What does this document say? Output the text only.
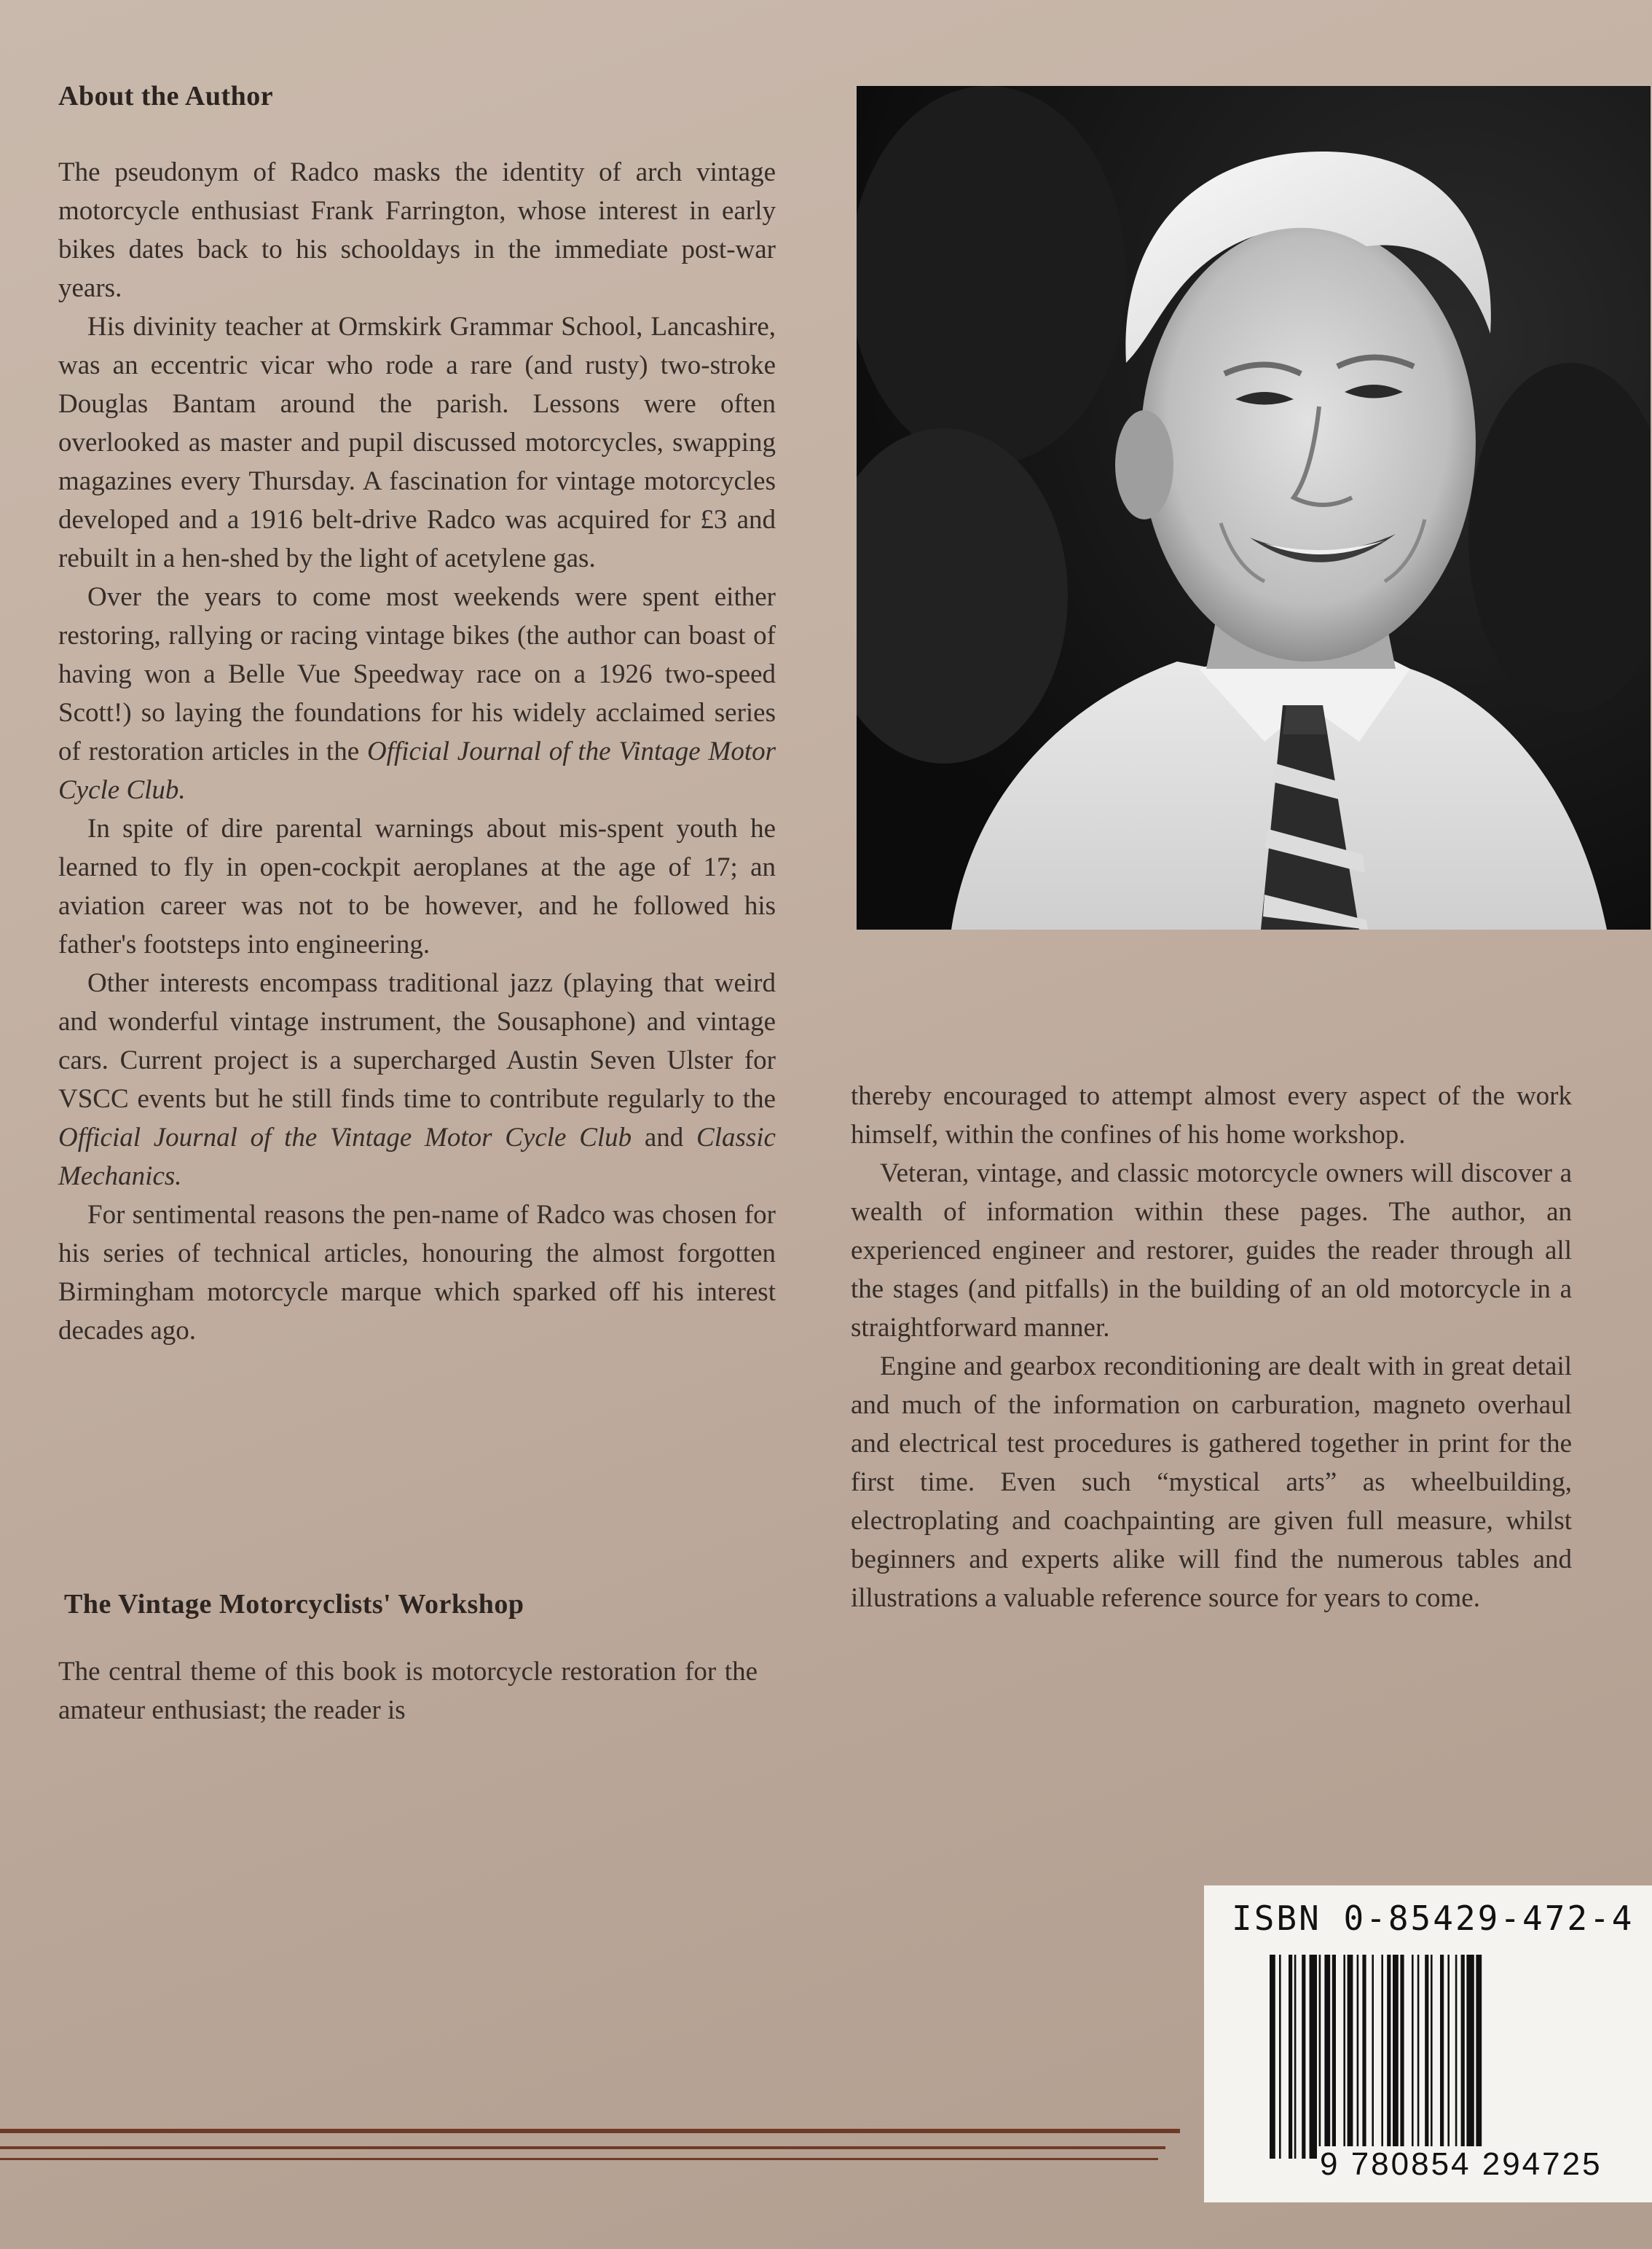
About the Author

The pseudonym of Radco masks the identity of arch vintage motorcycle enthusiast Frank Farrington, whose interest in early bikes dates back to his schooldays in the immediate post-war years.

His divinity teacher at Ormskirk Grammar School, Lancashire, was an eccentric vicar who rode a rare (and rusty) two-stroke Douglas Bantam around the parish. Lessons were often overlooked as master and pupil discussed motorcycles, swapping magazines every Thursday. A fascination for vintage motorcycles developed and a 1916 belt-drive Radco was acquired for £3 and rebuilt in a hen-shed by the light of acetylene gas.

Over the years to come most weekends were spent either restoring, rallying or racing vintage bikes (the author can boast of having won a Belle Vue Speedway race on a 1926 two-speed Scott!) so laying the foundations for his widely acclaimed series of restoration articles in the Official Journal of the Vintage Motor Cycle Club.

In spite of dire parental warnings about mis-spent youth he learned to fly in open-cockpit aeroplanes at the age of 17; an aviation career was not to be however, and he followed his father's footsteps into engineering.

Other interests encompass traditional jazz (playing that weird and wonderful vintage instrument, the Sousaphone) and vintage cars. Current project is a supercharged Austin Seven Ulster for VSCC events but he still finds time to contribute regularly to the Official Journal of the Vintage Motor Cycle Club and Classic Mechanics.

For sentimental reasons the pen-name of Radco was chosen for his series of technical articles, honouring the almost forgotten Birmingham motorcycle marque which sparked off his interest decades ago.

The Vintage Motorcyclists' Workshop

The central theme of this book is motorcycle restoration for the amateur enthusiast; the reader is

thereby encouraged to attempt almost every aspect of the work himself, within the confines of his home workshop.

Veteran, vintage, and classic motorcycle owners will discover a wealth of information within these pages. The author, an experienced engineer and restorer, guides the reader through all the stages (and pitfalls) in the building of an old motorcycle in a straightforward manner.

Engine and gearbox reconditioning are dealt with in great detail and much of the information on carburation, magneto overhaul and electrical test procedures is gathered together in print for the first time. Even such “mystical arts” as wheelbuilding, electroplating and coachpainting are given full measure, whilst beginners and experts alike will find the numerous tables and illustrations a valuable reference source for years to come.

ISBN 0-85429-472-4
9 780854 294725
